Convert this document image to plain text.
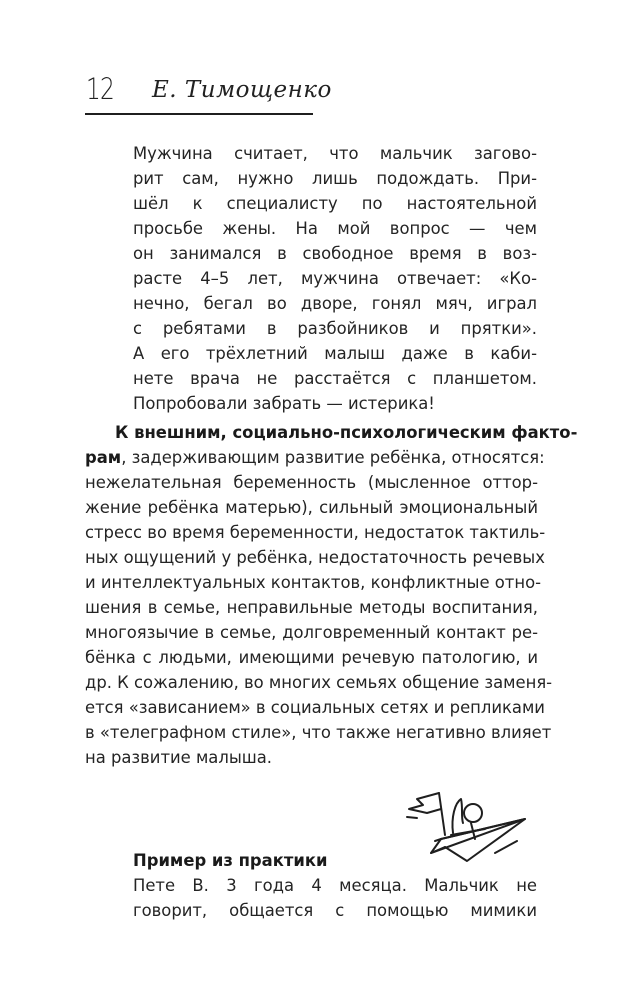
12 Е. Тимощенко
Мужчина считает, что мальчик загово-
рит сам, нужно лишь подождать. При-
шёл к специалисту по настоятельной
просьбе жены. На мой вопрос — чем
он занимался в свободное время в воз-
расте 4–5 лет, мужчина отвечает: «Ко-
нечно, бегал во дворе, гонял мяч, играл
с ребятами в разбойников и прятки».
А его трёхлетний малыш даже в каби-
нете врача не расстаётся с планшетом.
Попробовали забрать — истерика!
К внешним, социально-психологическим факто-
рам, задерживающим развитие ребёнка, относятся:
нежелательная беременность (мысленное оттор-
жение ребёнка матерью), сильный эмоциональный
стресс во время беременности, недостаток тактиль-
ных ощущений у ребёнка, недостаточность речевых
и интеллектуальных контактов, конфликтные отно-
шения в семье, неправильные методы воспитания,
многоязычие в семье, долговременный контакт ре-
бёнка с людьми, имеющими речевую патологию, и
др. К сожалению, во многих семьях общение заменя-
ется «зависанием» в социальных сетях и репликами
в «телеграфном стиле», что также негативно влияет
на развитие малыша.
Пример из практики
Пете В. 3 года 4 месяца. Мальчик не
говорит, общается с помощью мимики
